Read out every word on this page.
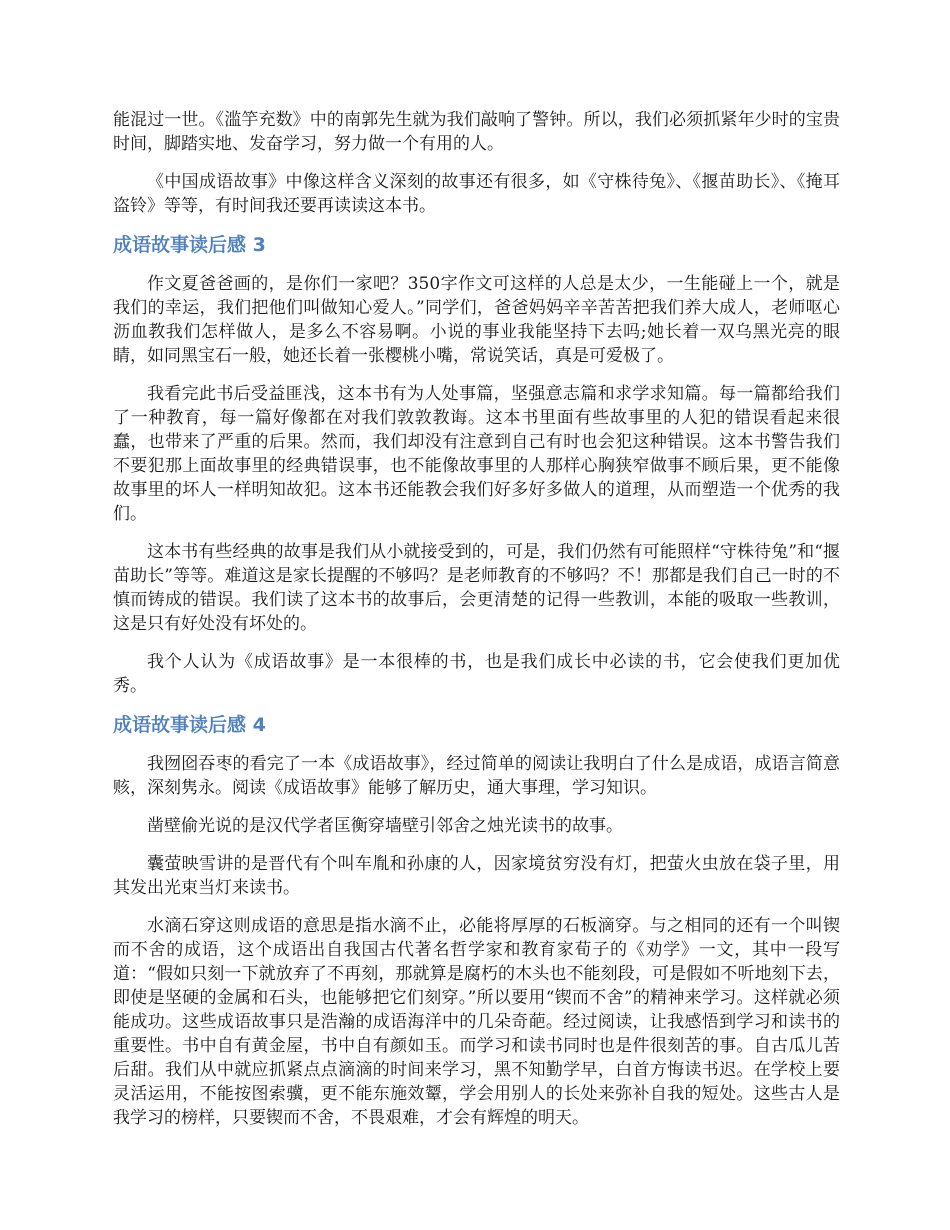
能混过一世。《滥竽充数》中的南郭先生就为我们敲响了警钟。所以，我们必须抓紧年少时的宝贵时间，脚踏实地、发奋学习，努力做一个有用的人。

《中国成语故事》中像这样含义深刻的故事还有很多，如《守株待兔》、《揠苗助长》、《掩耳盗铃》等等，有时间我还要再读读这本书。

成语故事读后感 3

作文夏爸爸画的，是你们一家吧？350字作文可这样的人总是太少，一生能碰上一个，就是我们的幸运，我们把他们叫做知心爱人。”同学们，爸爸妈妈辛辛苦苦把我们养大成人，老师呕心沥血教我们怎样做人，是多么不容易啊。小说的事业我能坚持下去吗;她长着一双乌黑光亮的眼睛，如同黑宝石一般，她还长着一张樱桃小嘴，常说笑话，真是可爱极了。

我看完此书后受益匪浅，这本书有为人处事篇，坚强意志篇和求学求知篇。每一篇都给我们了一种教育，每一篇好像都在对我们敦敦教诲。这本书里面有些故事里的人犯的错误看起来很蠢，也带来了严重的后果。然而，我们却没有注意到自己有时也会犯这种错误。这本书警告我们不要犯那上面故事里的经典错误事，也不能像故事里的人那样心胸狭窄做事不顾后果，更不能像故事里的坏人一样明知故犯。这本书还能教会我们好多好多做人的道理，从而塑造一个优秀的我们。

这本书有些经典的故事是我们从小就接受到的，可是，我们仍然有可能照样“守株待兔”和“揠苗助长”等等。难道这是家长提醒的不够吗？是老师教育的不够吗？不！那都是我们自己一时的不慎而铸成的错误。我们读了这本书的故事后，会更清楚的记得一些教训，本能的吸取一些教训，这是只有好处没有坏处的。

我个人认为《成语故事》是一本很棒的书，也是我们成长中必读的书，它会使我们更加优秀。

成语故事读后感 4

我囫囵吞枣的看完了一本《成语故事》，经过简单的阅读让我明白了什么是成语，成语言简意赅，深刻隽永。阅读《成语故事》能够了解历史，通大事理，学习知识。

凿壁偷光说的是汉代学者匡衡穿墙壁引邻舍之烛光读书的故事。

囊萤映雪讲的是晋代有个叫车胤和孙康的人，因家境贫穷没有灯，把萤火虫放在袋子里，用其发出光束当灯来读书。

水滴石穿这则成语的意思是指水滴不止，必能将厚厚的石板滴穿。与之相同的还有一个叫锲而不舍的成语，这个成语出自我国古代著名哲学家和教育家荀子的《劝学》一文，其中一段写道：“假如只刻一下就放弃了不再刻，那就算是腐朽的木头也不能刻段，可是假如不听地刻下去，即使是坚硬的金属和石头，也能够把它们刻穿。”所以要用“锲而不舍”的精神来学习。这样就必须能成功。这些成语故事只是浩瀚的成语海洋中的几朵奇葩。经过阅读，让我感悟到学习和读书的重要性。书中自有黄金屋，书中自有颜如玉。而学习和读书同时也是件很刻苦的事。自古瓜儿苦后甜。我们从中就应抓紧点点滴滴的时间来学习，黑不知勤学早，白首方悔读书迟。在学校上要灵活运用，不能按图索骥，更不能东施效颦，学会用别人的长处来弥补自我的短处。这些古人是我学习的榜样，只要锲而不舍，不畏艰难，才会有辉煌的明天。
